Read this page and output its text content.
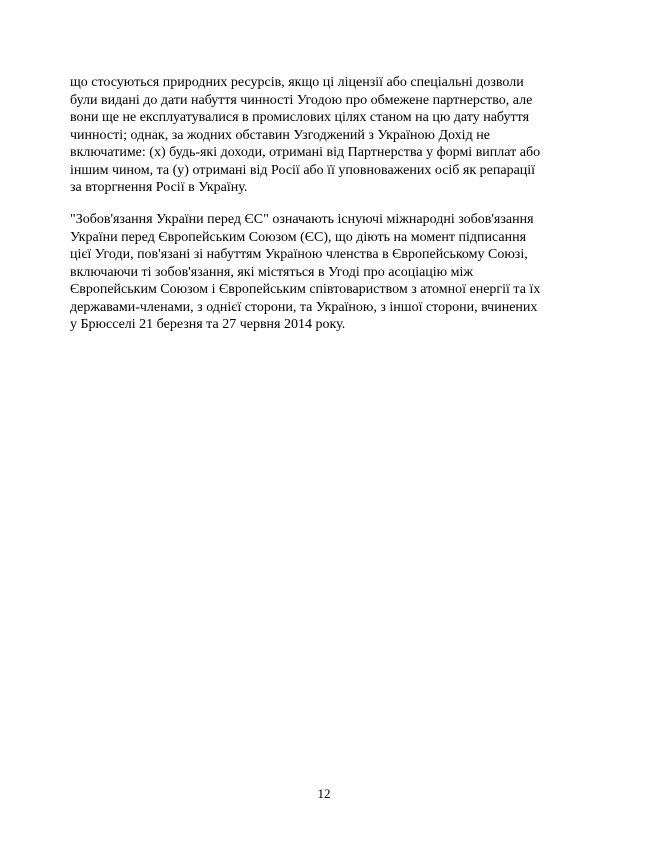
що стосуються природних ресурсів, якщо ці ліцензії або спеціальні дозволи
були видані до дати набуття чинності Угодою про обмежене партнерство, але
вони ще не експлуатувалися в промислових цілях станом на цю дату набуття
чинності; однак, за жодних обставин Узгоджений з Україною Дохід не
включатиме: (x) будь-які доходи, отримані від Партнерства у формі виплат або
іншим чином, та (y) отримані від Росії або її уповноважених осіб як репарації
за вторгнення Росії в Україну.
"Зобов'язання України перед ЄС" означають існуючі міжнародні зобов'язання
України перед Європейським Союзом (ЄС), що діють на момент підписання
цієї Угоди, пов'язані зі набуттям Україною членства в Європейському Союзі,
включаючи ті зобов'язання, які містяться в Угоді про асоціацію між
Європейським Союзом і Європейським співтовариством з атомної енергії та їх
державами-членами, з однієї сторони, та Україною, з іншої сторони, вчинених
у Брюсселі 21 березня та 27 червня 2014 року.
12
